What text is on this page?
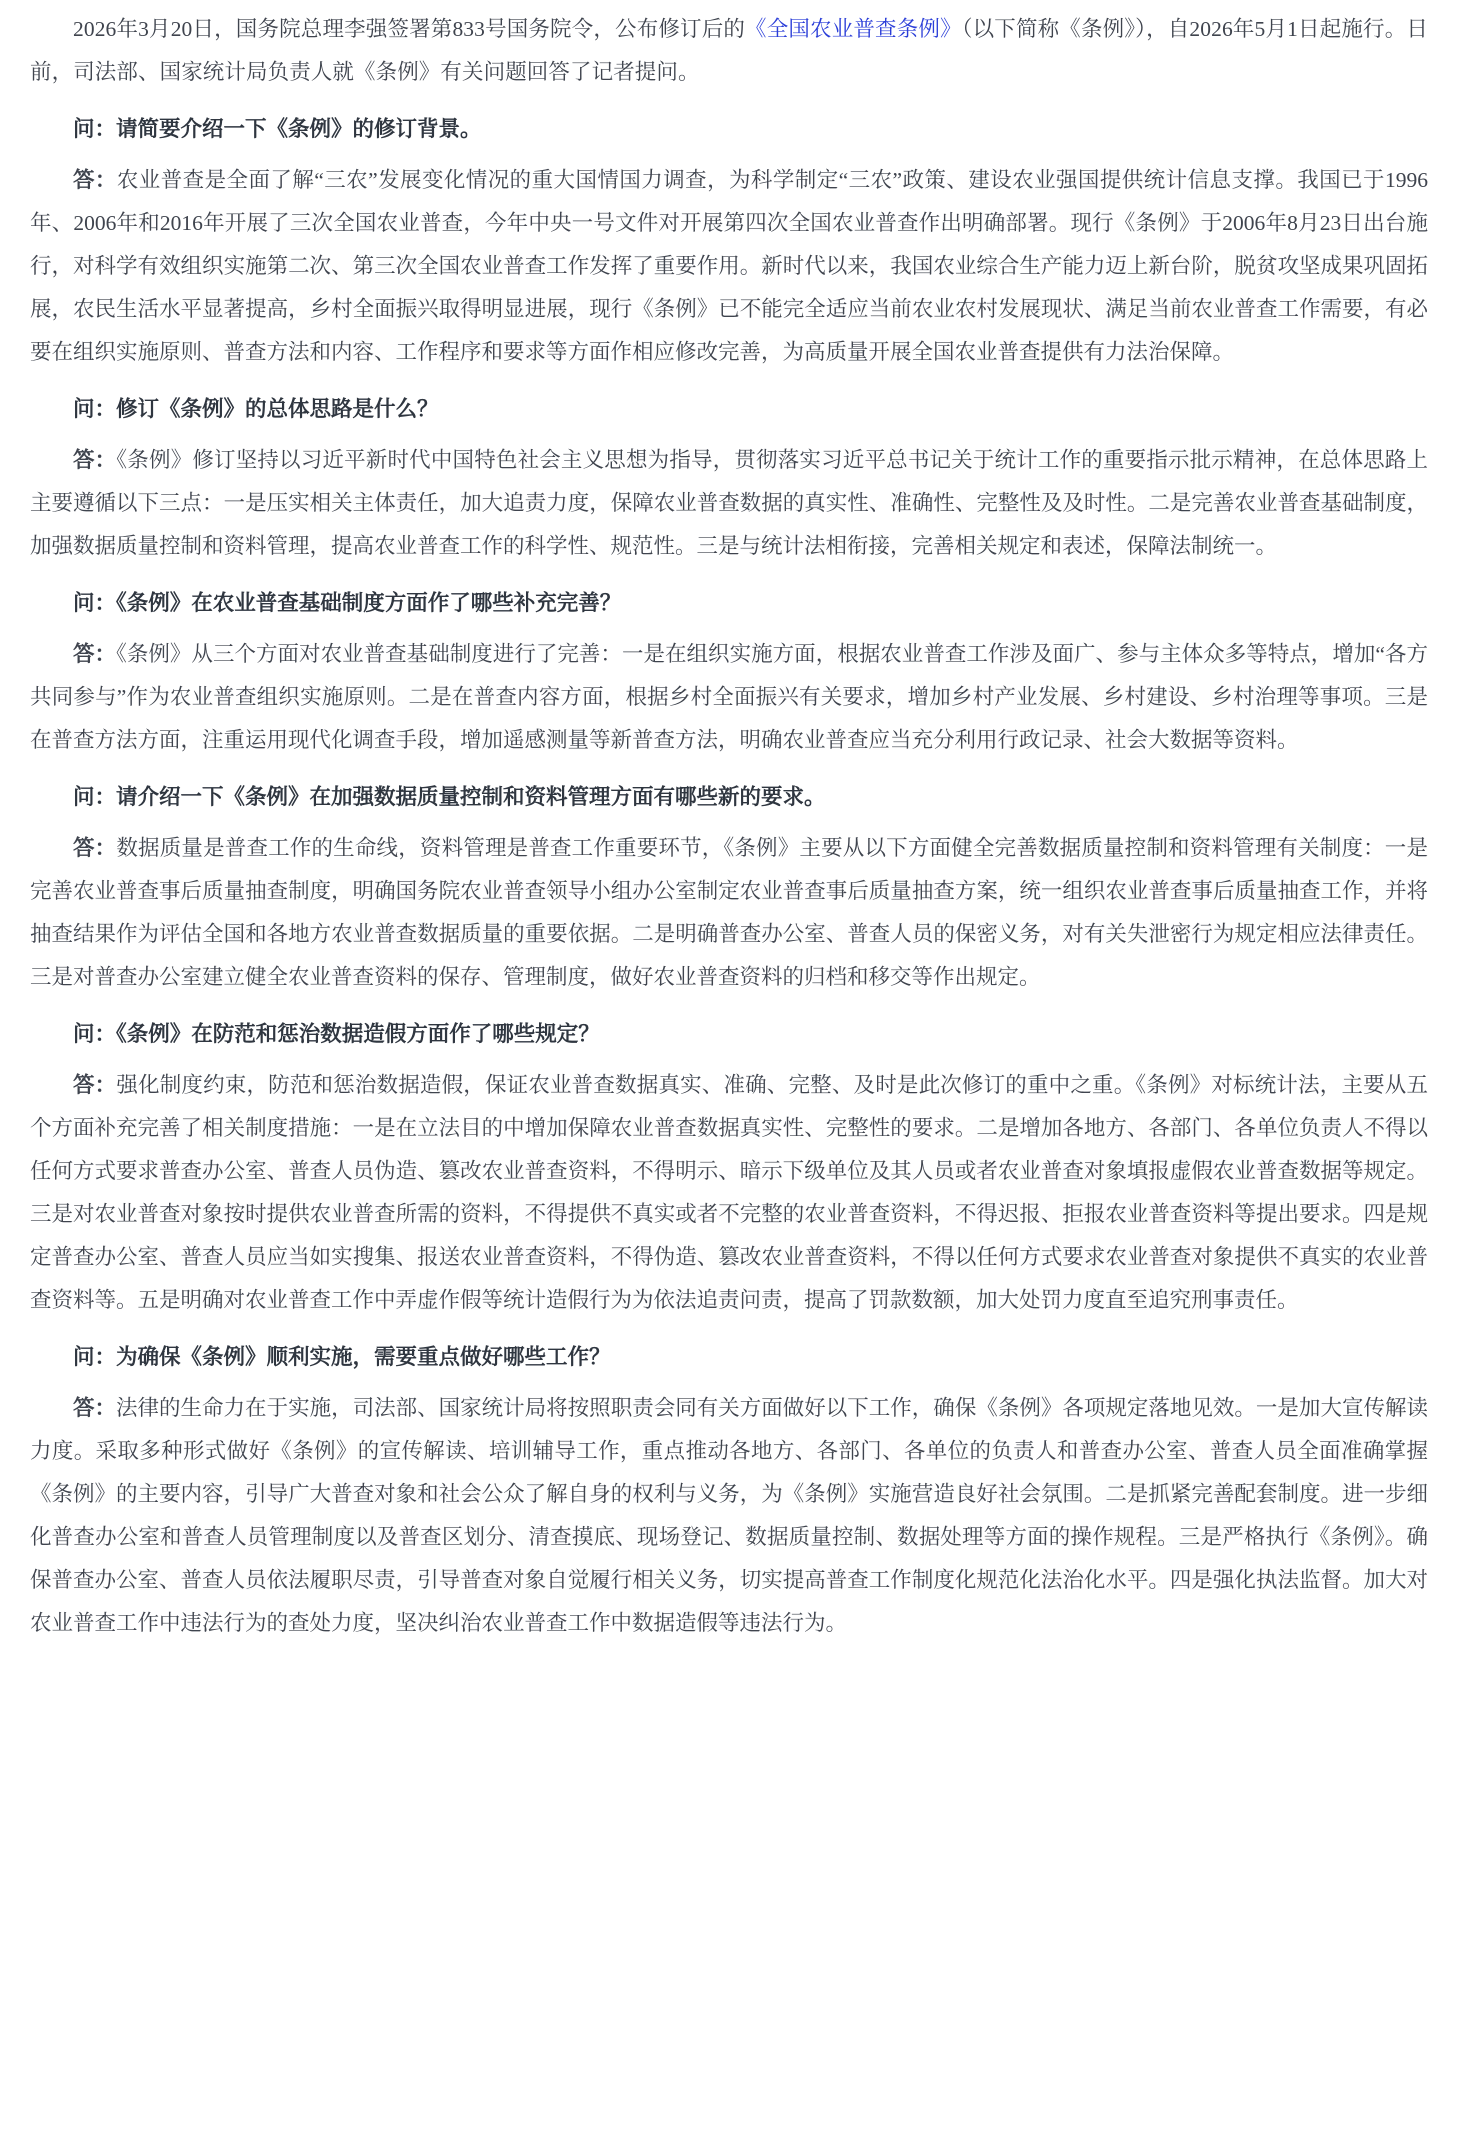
2026年3月20日，国务院总理李强签署第833号国务院令，公布修订后的《全国农业普查条例》（以下简称《条例》），自2026年5月1日起施行。日前，司法部、国家统计局负责人就《条例》有关问题回答了记者提问。

问：请简要介绍一下《条例》的修订背景。

答：农业普查是全面了解“三农”发展变化情况的重大国情国力调查，为科学制定“三农”政策、建设农业强国提供统计信息支撑。我国已于1996年、2006年和2016年开展了三次全国农业普查，今年中央一号文件对开展第四次全国农业普查作出明确部署。现行《条例》于2006年8月23日出台施行，对科学有效组织实施第二次、第三次全国农业普查工作发挥了重要作用。新时代以来，我国农业综合生产能力迈上新台阶，脱贫攻坚成果巩固拓展，农民生活水平显著提高，乡村全面振兴取得明显进展，现行《条例》已不能完全适应当前农业农村发展现状、满足当前农业普查工作需要，有必要在组织实施原则、普查方法和内容、工作程序和要求等方面作相应修改完善，为高质量开展全国农业普查提供有力法治保障。

问：修订《条例》的总体思路是什么？

答：《条例》修订坚持以习近平新时代中国特色社会主义思想为指导，贯彻落实习近平总书记关于统计工作的重要指示批示精神，在总体思路上主要遵循以下三点：一是压实相关主体责任，加大追责力度，保障农业普查数据的真实性、准确性、完整性及及时性。二是完善农业普查基础制度，加强数据质量控制和资料管理，提高农业普查工作的科学性、规范性。三是与统计法相衔接，完善相关规定和表述，保障法制统一。

问：《条例》在农业普查基础制度方面作了哪些补充完善？

答：《条例》从三个方面对农业普查基础制度进行了完善：一是在组织实施方面，根据农业普查工作涉及面广、参与主体众多等特点，增加“各方共同参与”作为农业普查组织实施原则。二是在普查内容方面，根据乡村全面振兴有关要求，增加乡村产业发展、乡村建设、乡村治理等事项。三是在普查方法方面，注重运用现代化调查手段，增加遥感测量等新普查方法，明确农业普查应当充分利用行政记录、社会大数据等资料。

问：请介绍一下《条例》在加强数据质量控制和资料管理方面有哪些新的要求。

答：数据质量是普查工作的生命线，资料管理是普查工作重要环节，《条例》主要从以下方面健全完善数据质量控制和资料管理有关制度：一是完善农业普查事后质量抽查制度，明确国务院农业普查领导小组办公室制定农业普查事后质量抽查方案，统一组织农业普查事后质量抽查工作，并将抽查结果作为评估全国和各地方农业普查数据质量的重要依据。二是明确普查办公室、普查人员的保密义务，对有关失泄密行为规定相应法律责任。三是对普查办公室建立健全农业普查资料的保存、管理制度，做好农业普查资料的归档和移交等作出规定。

问：《条例》在防范和惩治数据造假方面作了哪些规定？

答：强化制度约束，防范和惩治数据造假，保证农业普查数据真实、准确、完整、及时是此次修订的重中之重。《条例》对标统计法，主要从五个方面补充完善了相关制度措施：一是在立法目的中增加保障农业普查数据真实性、完整性的要求。二是增加各地方、各部门、各单位负责人不得以任何方式要求普查办公室、普查人员伪造、篡改农业普查资料，不得明示、暗示下级单位及其人员或者农业普查对象填报虚假农业普查数据等规定。三是对农业普查对象按时提供农业普查所需的资料，不得提供不真实或者不完整的农业普查资料，不得迟报、拒报农业普查资料等提出要求。四是规定普查办公室、普查人员应当如实搜集、报送农业普查资料，不得伪造、篡改农业普查资料，不得以任何方式要求农业普查对象提供不真实的农业普查资料等。五是明确对农业普查工作中弄虚作假等统计造假行为为依法追责问责，提高了罚款数额，加大处罚力度直至追究刑事责任。

问：为确保《条例》顺利实施，需要重点做好哪些工作？

答：法律的生命力在于实施，司法部、国家统计局将按照职责会同有关方面做好以下工作，确保《条例》各项规定落地见效。一是加大宣传解读力度。采取多种形式做好《条例》的宣传解读、培训辅导工作，重点推动各地方、各部门、各单位的负责人和普查办公室、普查人员全面准确掌握《条例》的主要内容，引导广大普查对象和社会公众了解自身的权利与义务，为《条例》实施营造良好社会氛围。二是抓紧完善配套制度。进一步细化普查办公室和普查人员管理制度以及普查区划分、清查摸底、现场登记、数据质量控制、数据处理等方面的操作规程。三是严格执行《条例》。确保普查办公室、普查人员依法履职尽责，引导普查对象自觉履行相关义务，切实提高普查工作制度化规范化法治化水平。四是强化执法监督。加大对农业普查工作中违法行为的查处力度，坚决纠治农业普查工作中数据造假等违法行为。
